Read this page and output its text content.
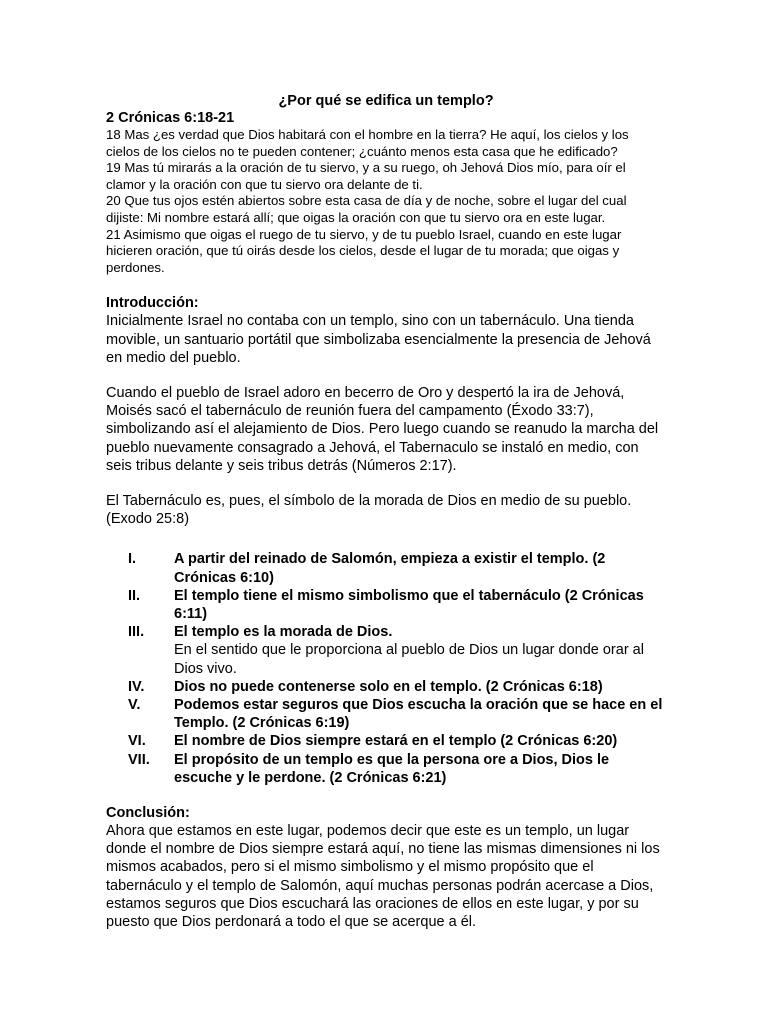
¿Por qué se edifica un templo?
2 Crónicas 6:18-21

18 Mas ¿es verdad que Dios habitará con el hombre en la tierra? He aquí, los cielos y los cielos de los cielos no te pueden contener; ¿cuánto menos esta casa que he edificado?

19 Mas tú mirarás a la oración de tu siervo, y a su ruego, oh Jehová Dios mío, para oír el clamor y la oración con que tu siervo ora delante de ti.

20 Que tus ojos estén abiertos sobre esta casa de día y de noche, sobre el lugar del cual dijiste: Mi nombre estará allí; que oigas la oración con que tu siervo ora en este lugar.

21 Asimismo que oigas el ruego de tu siervo, y de tu pueblo Israel, cuando en este lugar hicieren oración, que tú oirás desde los cielos, desde el lugar de tu morada; que oigas y perdones.

Introducción:

Inicialmente Israel no contaba con un templo, sino con un tabernáculo. Una tienda movible, un santuario portátil que simbolizaba esencialmente la presencia de Jehová en medio del pueblo.

Cuando el pueblo de Israel adoro en becerro de Oro y despertó la ira de Jehová, Moisés sacó el tabernáculo de reunión fuera del campamento (Éxodo 33:7), simbolizando así el alejamiento de Dios. Pero luego cuando se reanudo la marcha del pueblo nuevamente consagrado a Jehová, el Tabernaculo se instaló en medio, con seis tribus delante y seis tribus detrás (Números 2:17).

El Tabernáculo es, pues, el símbolo de la morada de Dios en medio de su pueblo. (Exodo 25:8)

I.	A partir del reinado de Salomón, empieza a existir el templo. (2 Crónicas 6:10)
II. El templo tiene el mismo simbolismo que el tabernáculo (2 Crónicas 6:11)
III. El templo es la morada de Dios.
En el sentido que le proporciona al pueblo de Dios un lugar donde orar al Dios vivo.
IV. Dios no puede contenerse solo en el templo. (2 Crónicas 6:18)
V. Podemos estar seguros que Dios escucha la oración que se hace en el Templo. (2 Crónicas 6:19)
VI. El nombre de Dios siempre estará en el templo (2 Crónicas 6:20)
VII. El propósito de un templo es que la persona ore a Dios, Dios le escuche y le perdone. (2 Crónicas 6:21)
Conclusión:

Ahora que estamos en este lugar, podemos decir que este es un templo, un lugar donde el nombre de Dios siempre estará aquí, no tiene las mismas dimensiones ni los mismos acabados, pero si el mismo simbolismo y el mismo propósito que el tabernáculo y el templo de Salomón, aquí muchas personas podrán acercase a Dios, estamos seguros que Dios escuchará las oraciones de ellos en este lugar, y por su puesto que Dios perdonará a todo el que se acerque a él.
